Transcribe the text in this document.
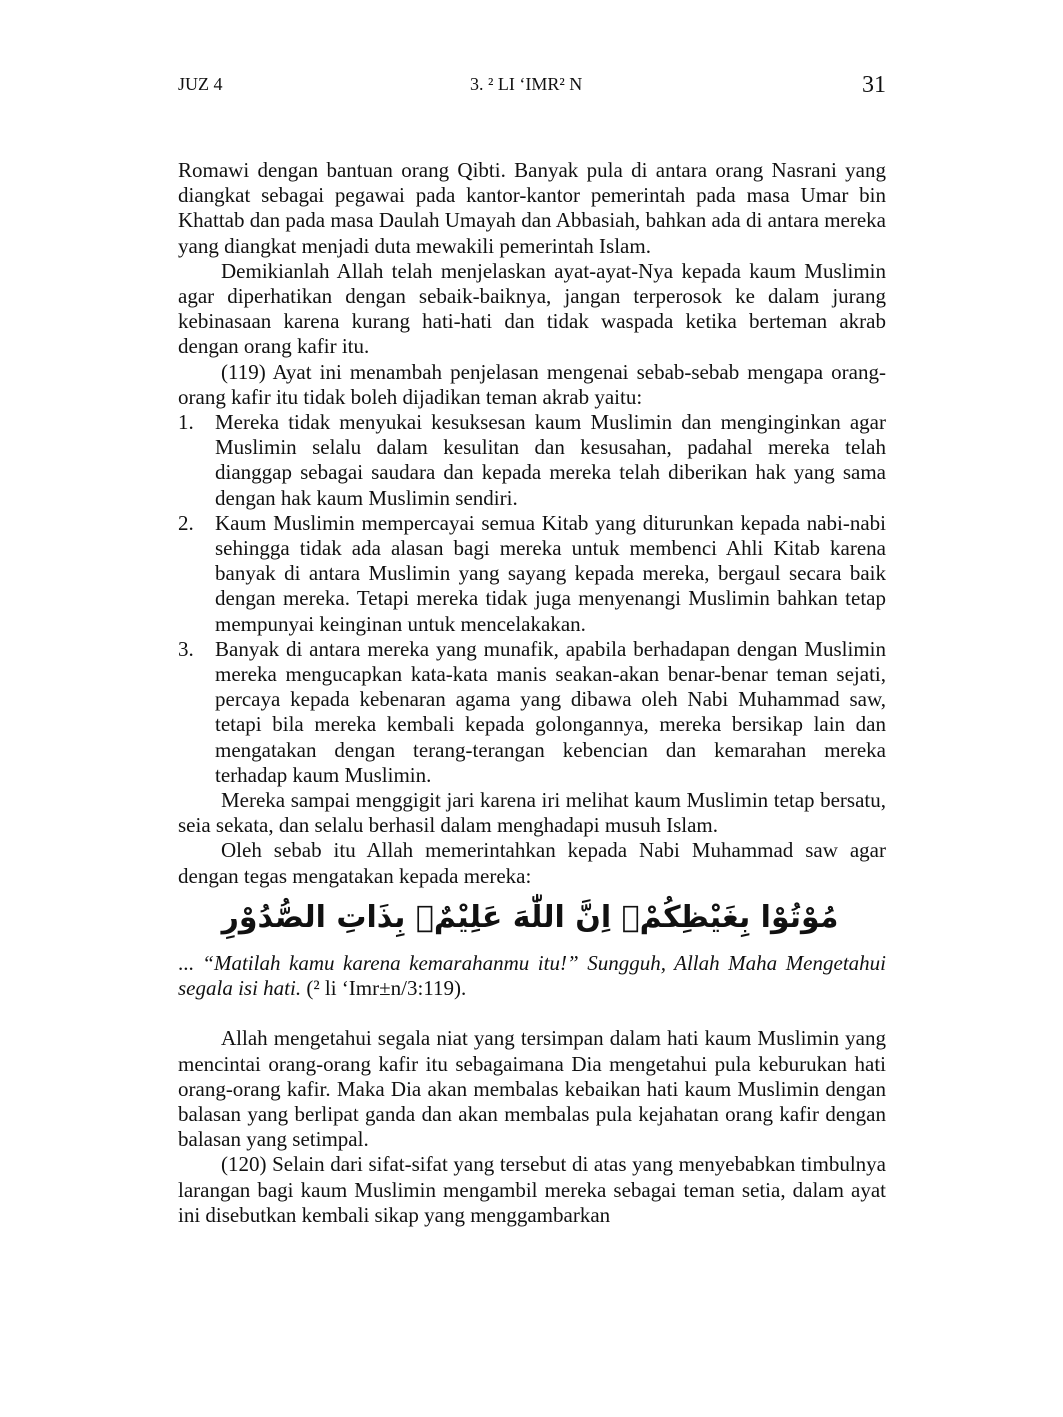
JUZ 4	3. ² LI ‘IMR² N	31

Romawi dengan bantuan orang Qibti. Banyak pula di antara orang Nasrani yang diangkat sebagai pegawai pada kantor-kantor pemerintah pada masa Umar bin Khattab dan pada masa Daulah Umayah dan Abbasiah, bahkan ada di antara mereka yang diangkat menjadi duta mewakili pemerintah Islam.

Demikianlah Allah telah menjelaskan ayat-ayat-Nya kepada kaum Muslimin agar diperhatikan dengan sebaik-baiknya, jangan terperosok ke dalam jurang kebinasaan karena kurang hati-hati dan tidak waspada ketika berteman akrab dengan orang kafir itu.

(119) Ayat ini menambah penjelasan mengenai sebab-sebab mengapa orang-orang kafir itu tidak boleh dijadikan teman akrab yaitu:

1. Mereka tidak menyukai kesuksesan kaum Muslimin dan menginginkan agar Muslimin selalu dalam kesulitan dan kesusahan, padahal mereka telah dianggap sebagai saudara dan kepada mereka telah diberikan hak yang sama dengan hak kaum Muslimin sendiri.
2. Kaum Muslimin mempercayai semua Kitab yang diturunkan kepada nabi-nabi sehingga tidak ada alasan bagi mereka untuk membenci Ahli Kitab karena banyak di antara Muslimin yang sayang kepada mereka, bergaul secara baik dengan mereka. Tetapi mereka tidak juga menyenangi Muslimin bahkan tetap mempunyai keinginan untuk mencelakakan.
3. Banyak di antara mereka yang munafik, apabila berhadapan dengan Muslimin mereka mengucapkan kata-kata manis seakan-akan benar-benar teman sejati, percaya kepada kebenaran agama yang dibawa oleh Nabi Muhammad saw, tetapi bila mereka kembali kepada golongannya, mereka bersikap lain dan mengatakan dengan terang-terangan kebencian dan kemarahan mereka terhadap kaum Muslimin.

Mereka sampai menggigit jari karena iri melihat kaum Muslimin tetap bersatu, seia sekata, dan selalu berhasil dalam menghadapi musuh Islam.

Oleh sebab itu Allah memerintahkan kepada Nabi Muhammad saw agar dengan tegas mengatakan kepada mereka:

مُوْتُوْا بِغَيْظِكُمْۗ اِنَّ اللّٰهَ عَلِيْمٌۢ بِذَاتِ الصُّدُوْرِ

... “Matilah kamu karena kemarahanmu itu!” Sungguh, Allah Maha Mengetahui segala isi hati. (² li ‘Imr±n/3:119).

Allah mengetahui segala niat yang tersimpan dalam hati kaum Muslimin yang mencintai orang-orang kafir itu sebagaimana Dia mengetahui pula keburukan hati orang-orang kafir. Maka Dia akan membalas kebaikan hati kaum Muslimin dengan balasan yang berlipat ganda dan akan membalas pula kejahatan orang kafir dengan balasan yang setimpal.

(120) Selain dari sifat-sifat yang tersebut di atas yang menyebabkan timbulnya larangan bagi kaum Muslimin mengambil mereka sebagai teman setia, dalam ayat ini disebutkan kembali sikap yang menggambarkan
